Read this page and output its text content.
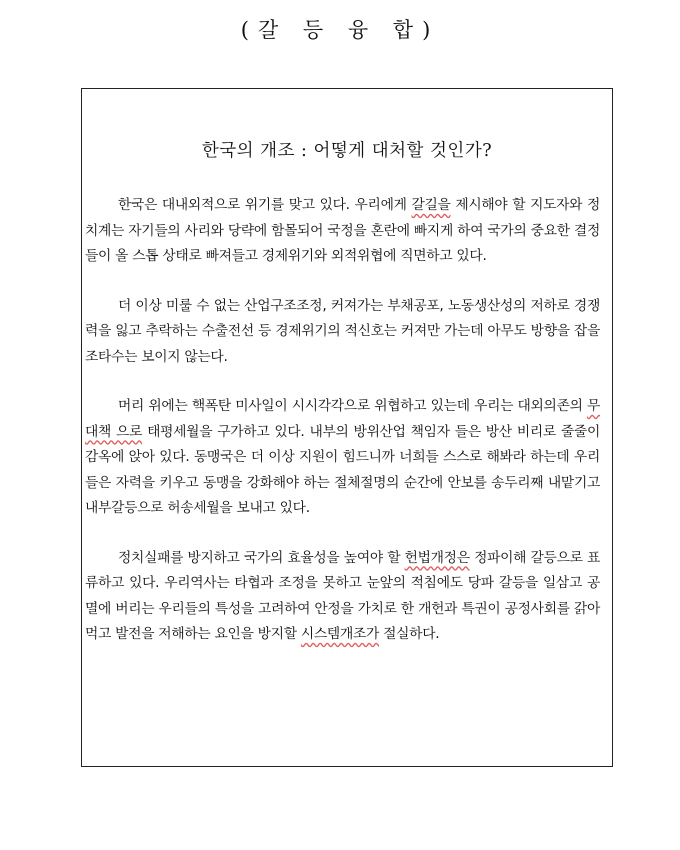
(갈 등 융 합)
한국의 개조 : 어떻게 대처할 것인가?

한국은 대내외적으로 위기를 맞고 있다. 우리에게 갈길을 제시해야 할 지도자와 정치계는 자기들의 사리와 당략에 함몰되어 국정을 혼란에 빠지게 하여 국가의 중요한 결정들이 올 스톱 상태로 빠져들고 경제위기와 외적위협에 직면하고 있다.

더 이상 미룰 수 없는 산업구조조정, 커져가는 부채공포, 노동생산성의 저하로 경쟁력을 잃고 추락하는 수출전선 등 경제위기의 적신호는 커져만 가는데 아무도 방향을 잡을 조타수는 보이지 않는다.

머리 위에는 핵폭탄 미사일이 시시각각으로 위협하고 있는데 우리는 대외의존의 무대책 으로 태평세월을 구가하고 있다. 내부의 방위산업 책임자 들은 방산 비리로 줄줄이 감옥에 앉아 있다. 동맹국은 더 이상 지원이 힘드니까 너희들 스스로 해봐라 하는데 우리들은 자력을 키우고 동맹을 강화해야 하는 절체절명의 순간에 안보를 송두리째 내맡기고 내부갈등으로 허송세월을 보내고 있다.

정치실패를 방지하고 국가의 효율성을 높여야 할 헌법개정은 정파이해 갈등으로 표류하고 있다. 우리역사는 타협과 조정을 못하고 눈앞의 적침에도 당파 갈등을 일삼고 공멸에 버리는 우리들의 특성을 고려하여 안정을 가치로 한 개헌과 특권이 공정사회를 갉아먹고 발전을 저해하는 요인을 방지할 시스템개조가 절실하다.
